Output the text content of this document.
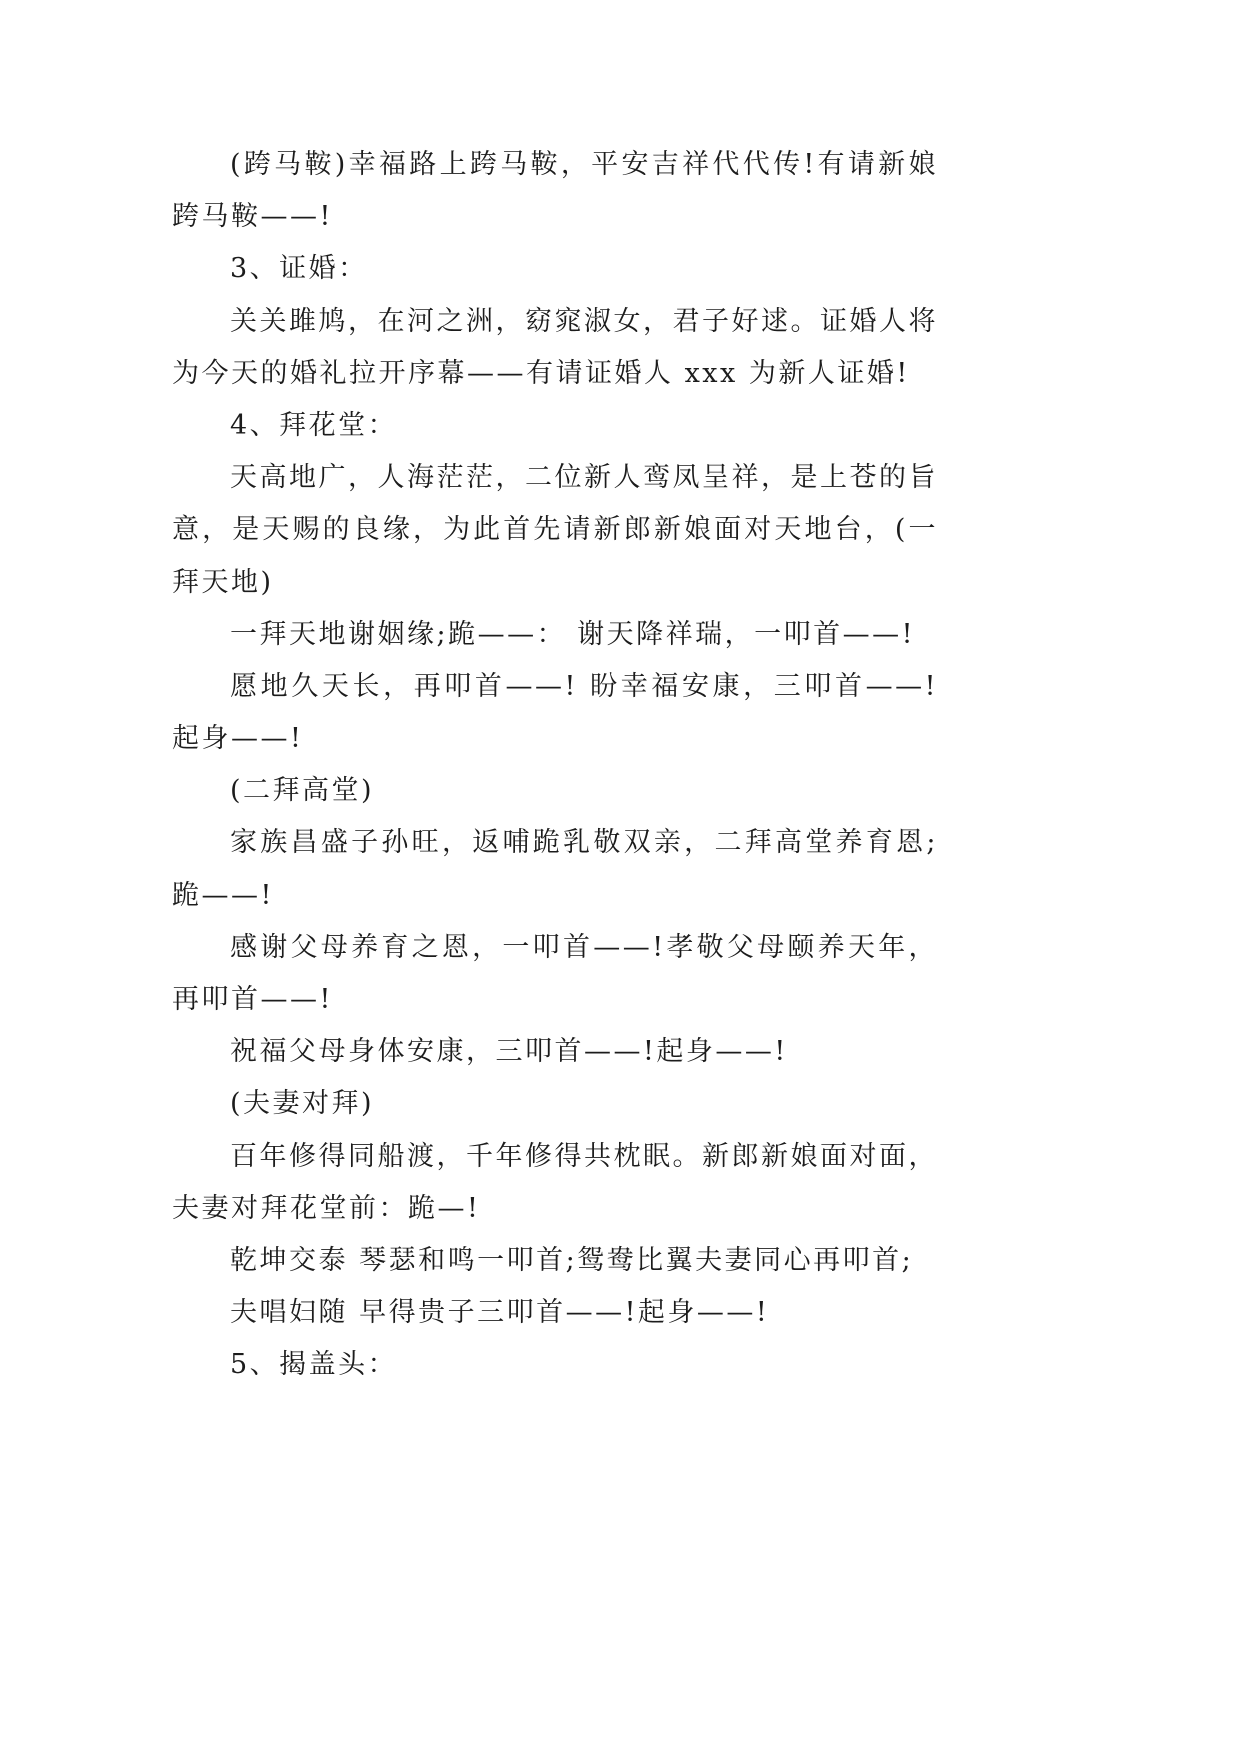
(跨马鞍)幸福路上跨马鞍，平安吉祥代代传!有请新娘
跨马鞍——!
3、证婚：
关关雎鸠，在河之洲，窈窕淑女，君子好逑。证婚人将
为今天的婚礼拉开序幕——有请证婚人 xxx 为新人证婚!
4、拜花堂：
天高地广，人海茫茫，二位新人鸾凤呈祥，是上苍的旨
意，是天赐的良缘，为此首先请新郎新娘面对天地台，(一
拜天地)
一拜天地谢姻缘;跪——： 谢天降祥瑞，一叩首——!
愿地久天长，再叩首——! 盼幸福安康，三叩首——!
起身——!
(二拜高堂)
家族昌盛子孙旺，返哺跪乳敬双亲，二拜高堂养育恩;
跪——!
感谢父母养育之恩，一叩首——!孝敬父母颐养天年，
再叩首——!
祝福父母身体安康，三叩首——!起身——!
(夫妻对拜)
百年修得同船渡，千年修得共枕眠。新郎新娘面对面，
夫妻对拜花堂前：跪—!
乾坤交泰 琴瑟和鸣一叩首;鸳鸯比翼夫妻同心再叩首;
夫唱妇随 早得贵子三叩首——!起身——!
5、揭盖头：
